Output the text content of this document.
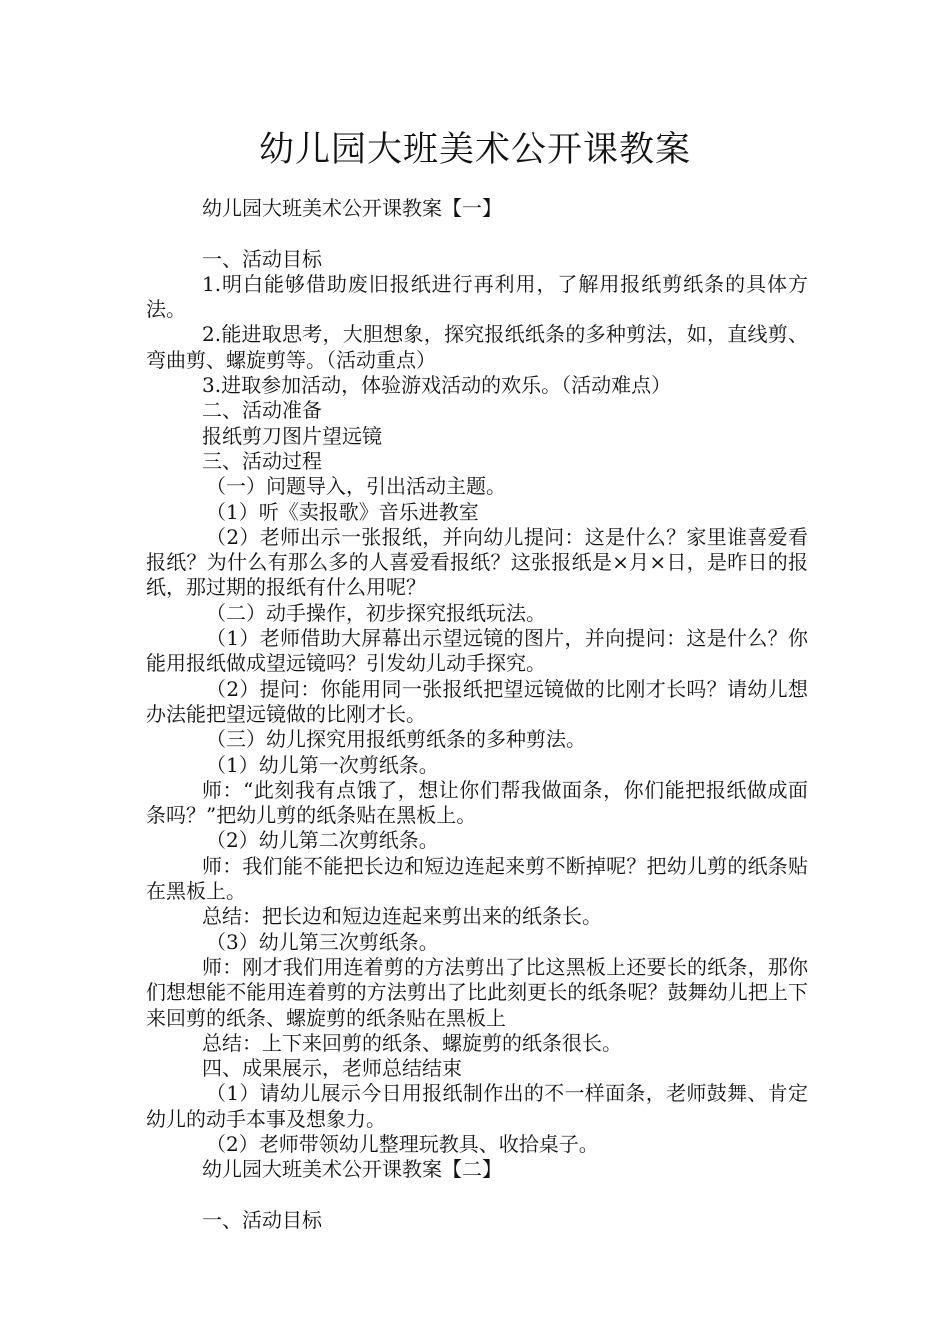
幼儿园大班美术公开课教案

幼儿园大班美术公开课教案【一】

一、活动目标

1.明白能够借助废旧报纸进行再利用，了解用报纸剪纸条的具体方法。

2.能进取思考，大胆想象，探究报纸纸条的多种剪法，如，直线剪、弯曲剪、螺旋剪等。（活动重点）

3.进取参加活动，体验游戏活动的欢乐。（活动难点）

二、活动准备

报纸剪刀图片望远镜

三、活动过程

（一）问题导入，引出活动主题。

（1）听《卖报歌》音乐进教室

（2）老师出示一张报纸，并向幼儿提问：这是什么？家里谁喜爱看报纸？为什么有那么多的人喜爱看报纸？这张报纸是×月×日，是昨日的报纸，那过期的报纸有什么用呢？

（二）动手操作，初步探究报纸玩法。

（1）老师借助大屏幕出示望远镜的图片，并向提问：这是什么？你能用报纸做成望远镜吗？引发幼儿动手探究。

（2）提问：你能用同一张报纸把望远镜做的比刚才长吗？请幼儿想办法能把望远镜做的比刚才长。

（三）幼儿探究用报纸剪纸条的多种剪法。

（1）幼儿第一次剪纸条。

师：“此刻我有点饿了，想让你们帮我做面条，你们能把报纸做成面条吗？”把幼儿剪的纸条贴在黑板上。

（2）幼儿第二次剪纸条。

师：我们能不能把长边和短边连起来剪不断掉呢？把幼儿剪的纸条贴在黑板上。

总结：把长边和短边连起来剪出来的纸条长。

（3）幼儿第三次剪纸条。

师：刚才我们用连着剪的方法剪出了比这黑板上还要长的纸条，那你们想想能不能用连着剪的方法剪出了比此刻更长的纸条呢？鼓舞幼儿把上下来回剪的纸条、螺旋剪的纸条贴在黑板上

总结：上下来回剪的纸条、螺旋剪的纸条很长。

四、成果展示，老师总结结束

（1）请幼儿展示今日用报纸制作出的不一样面条，老师鼓舞、肯定幼儿的动手本事及想象力。

（2）老师带领幼儿整理玩教具、收拾桌子。

幼儿园大班美术公开课教案【二】

一、活动目标
